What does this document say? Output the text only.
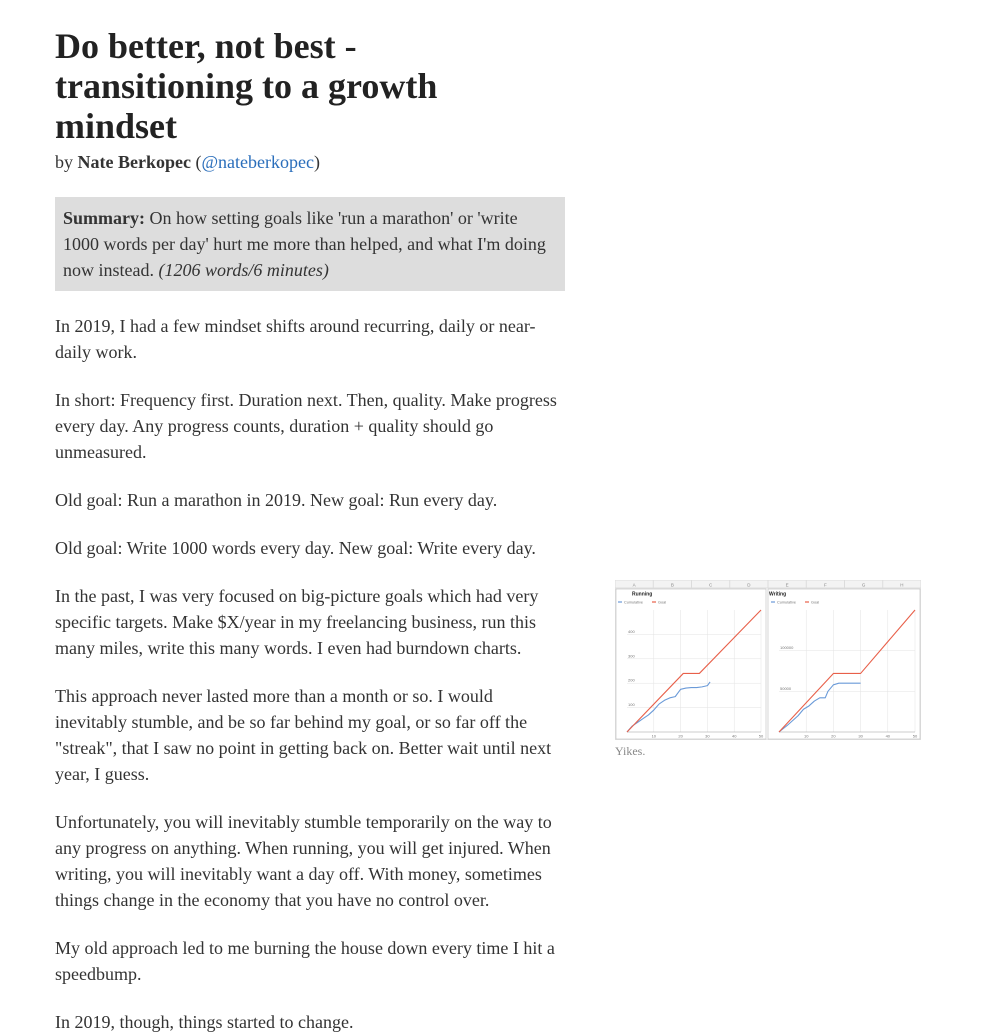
Do better, not best - transitioning to a growth mindset
by Nate Berkopec (@nateberkopec)
Summary: On how setting goals like 'run a marathon' or 'write 1000 words per day' hurt me more than helped, and what I'm doing now instead. (1206 words/6 minutes)

In 2019, I had a few mindset shifts around recurring, daily or near-daily work.

In short: Frequency first. Duration next. Then, quality. Make progress every day. Any progress counts, duration + quality should go unmeasured.

Old goal: Run a marathon in 2019. New goal: Run every day.

Old goal: Write 1000 words every day. New goal: Write every day.

In the past, I was very focused on big-picture goals which had very specific targets. Make $X/year in my freelancing business, run this many miles, write this many words. I even had burndown charts.

This approach never lasted more than a month or so. I would inevitably stumble, and be so far behind my goal, or so far off the "streak", that I saw no point in getting back on. Better wait until next year, I guess.

Unfortunately, you will inevitably stumble temporarily on the way to any progress on anything. When running, you will get injured. When writing, you will inevitably want a day off. With money, sometimes things change in the economy that you have no control over.

My old approach led to me burning the house down every time I hit a speedbump.

In 2019, though, things started to change.

A	B	C	D	E	F	G	H
Running
Cumulative	Goal
10	20	30	40	50
100
200
300
400
Writing
Cumulative	Goal
10	20	30	40	50
50000
100000
Yikes.
